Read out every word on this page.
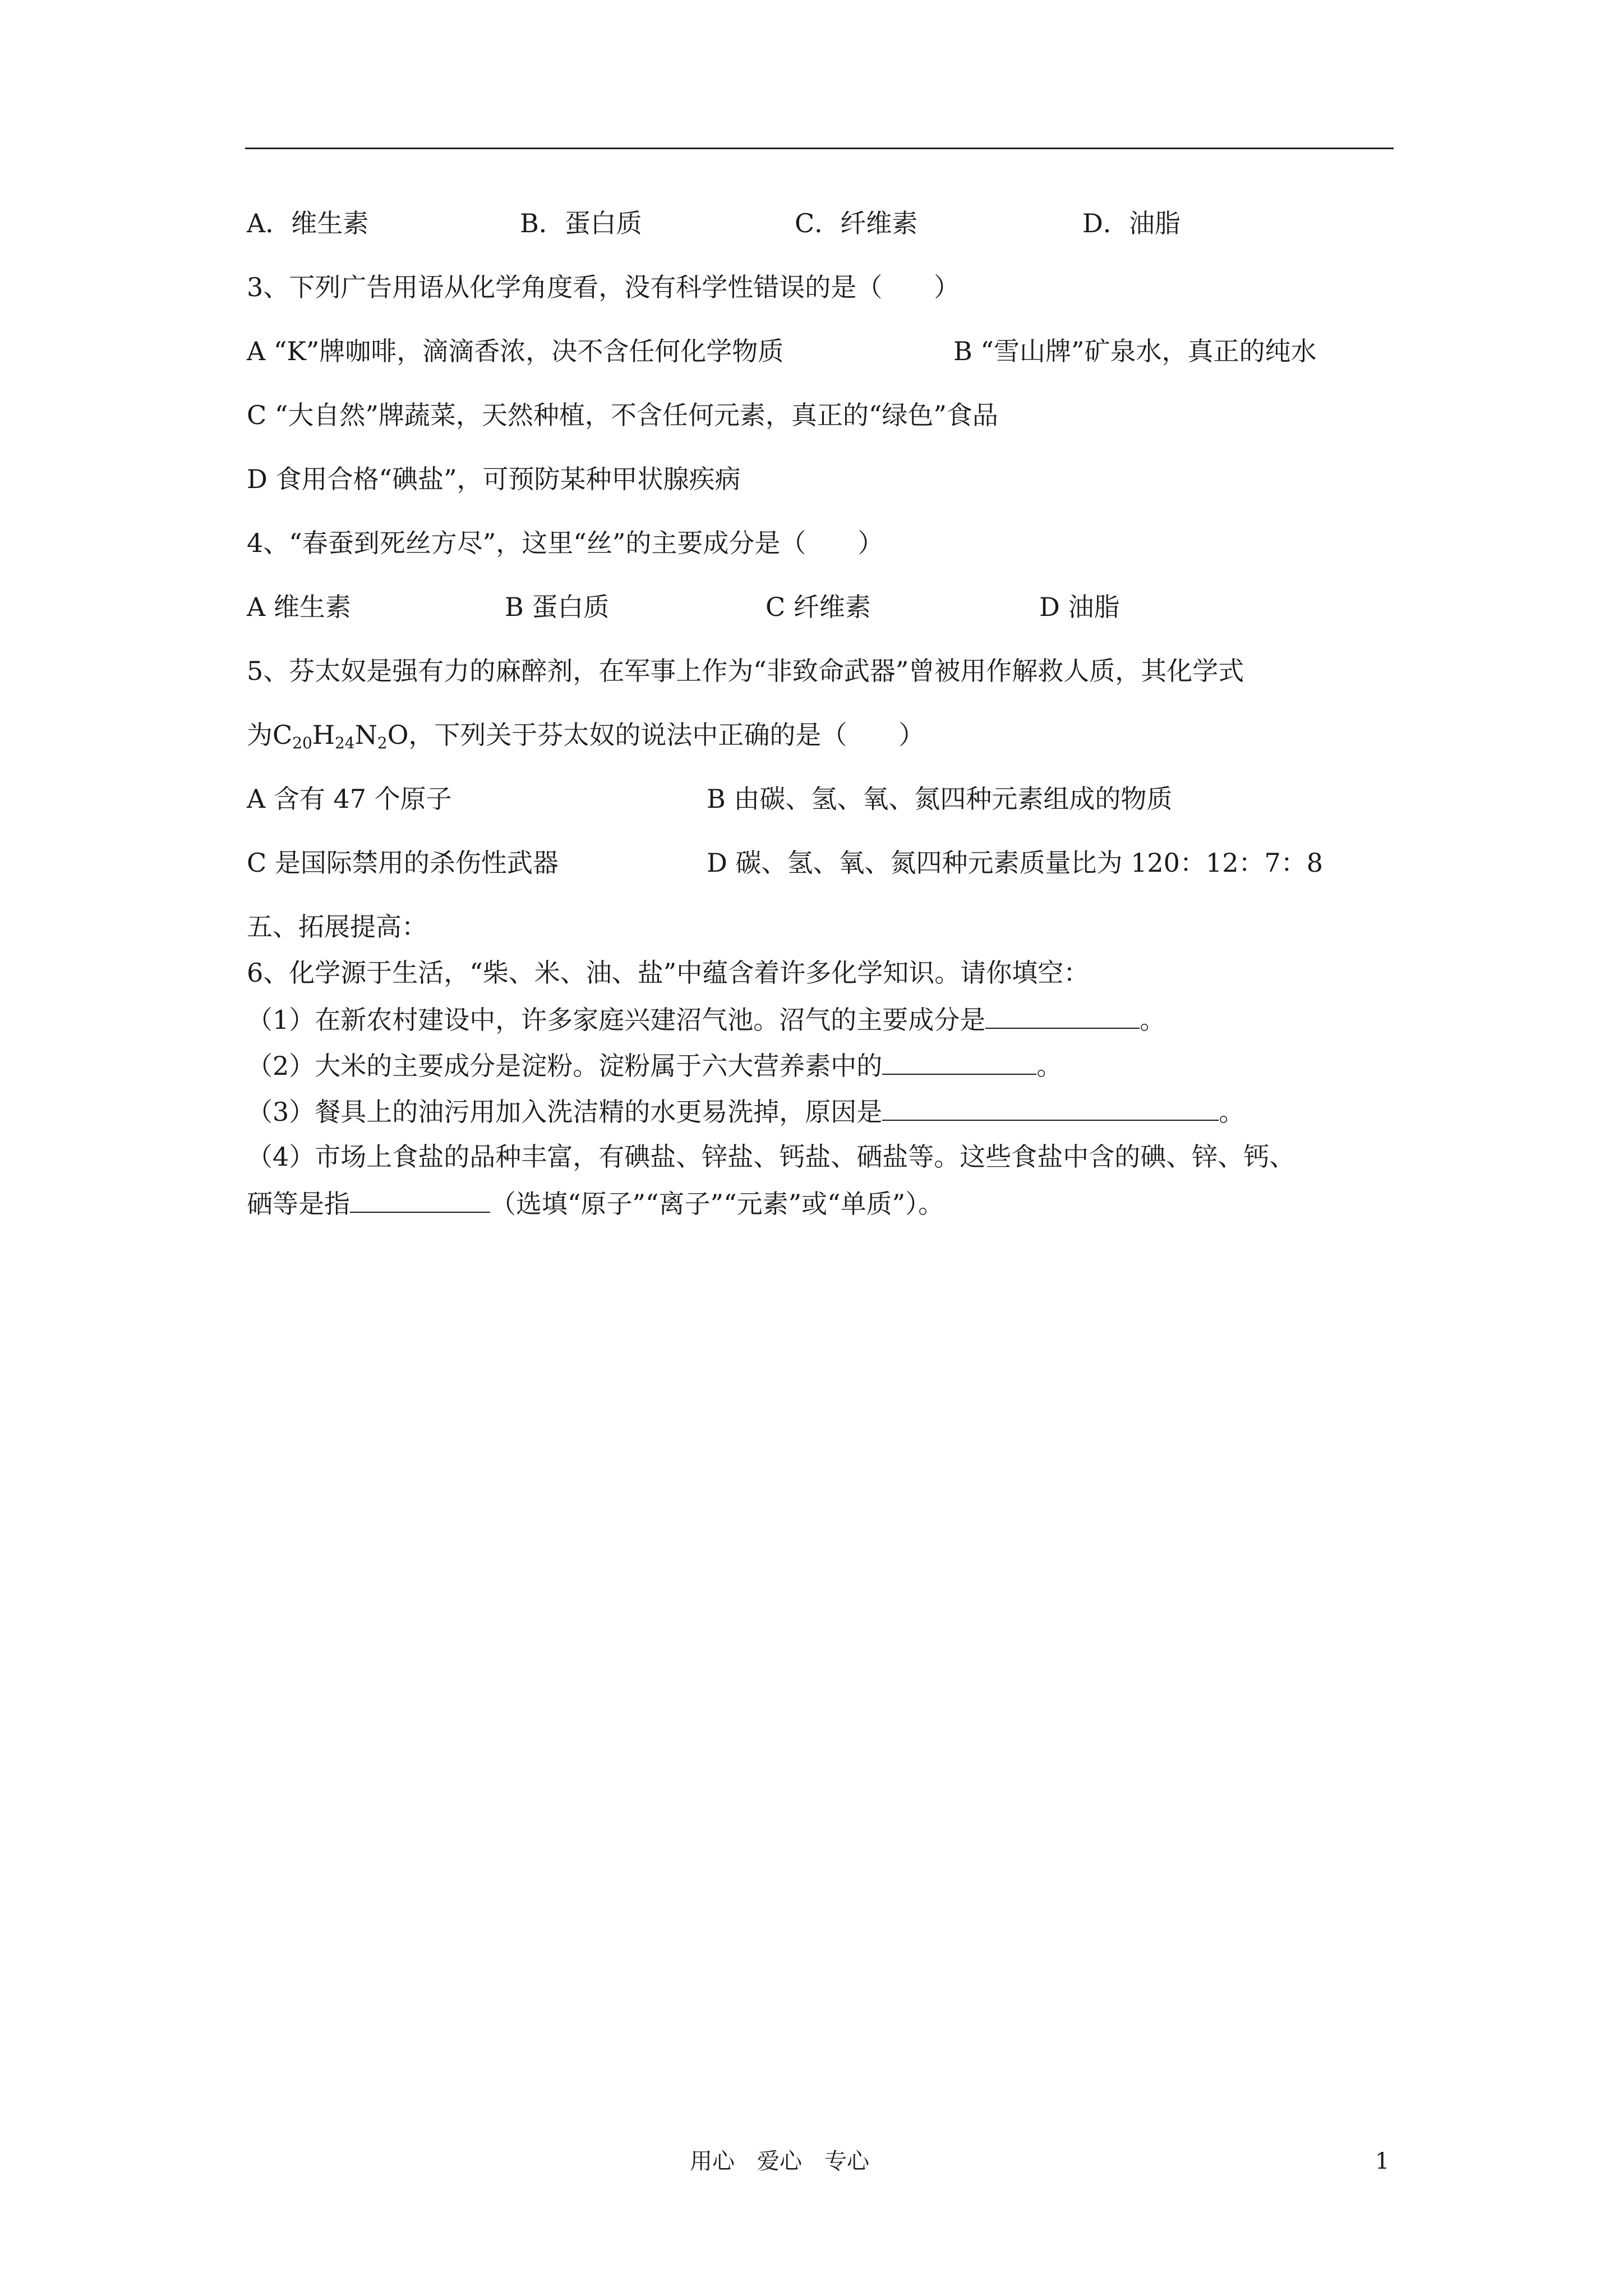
A．维生素	B．蛋白质	C．纤维素	D．油脂
3、下列广告用语从化学角度看，没有科学性错误的是（　　）
A “K”牌咖啡，滴滴香浓，决不含任何化学物质	B “雪山牌”矿泉水，真正的纯水
C “大自然”牌蔬菜，天然种植，不含任何元素，真正的“绿色”食品
D 食用合格“碘盐”，可预防某种甲状腺疾病
4、“春蚕到死丝方尽”，这里“丝”的主要成分是（　　）
A 维生素	B 蛋白质	C 纤维素	D 油脂
5、芬太奴是强有力的麻醉剂，在军事上作为“非致命武器”曾被用作解救人质，其化学式
为$C_{20}H_{24}N_2O$，下列关于芬太奴的说法中正确的是（　　）
A 含有 47 个原子	B 由碳、氢、氧、氮四种元素组成的物质
C 是国际禁用的杀伤性武器	D 碳、氢、氧、氮四种元素质量比为 120：12：7：8
五、拓展提高：
6、化学源于生活，“柴、米、油、盐”中蕴含着许多化学知识。请你填空：
（1）在新农村建设中，许多家庭兴建沼气池。沼气的主要成分是	。
（2）大米的主要成分是淀粉。淀粉属于六大营养素中的	。
（3）餐具上的油污用加入洗洁精的水更易洗掉，原因是	。
（4）市场上食盐的品种丰富，有碘盐、锌盐、钙盐、硒盐等。这些食盐中含的碘、锌、钙、
硒等是指	（选填“原子”“离子”“元素”或“单质”）。
用心　爱心　专心	1
